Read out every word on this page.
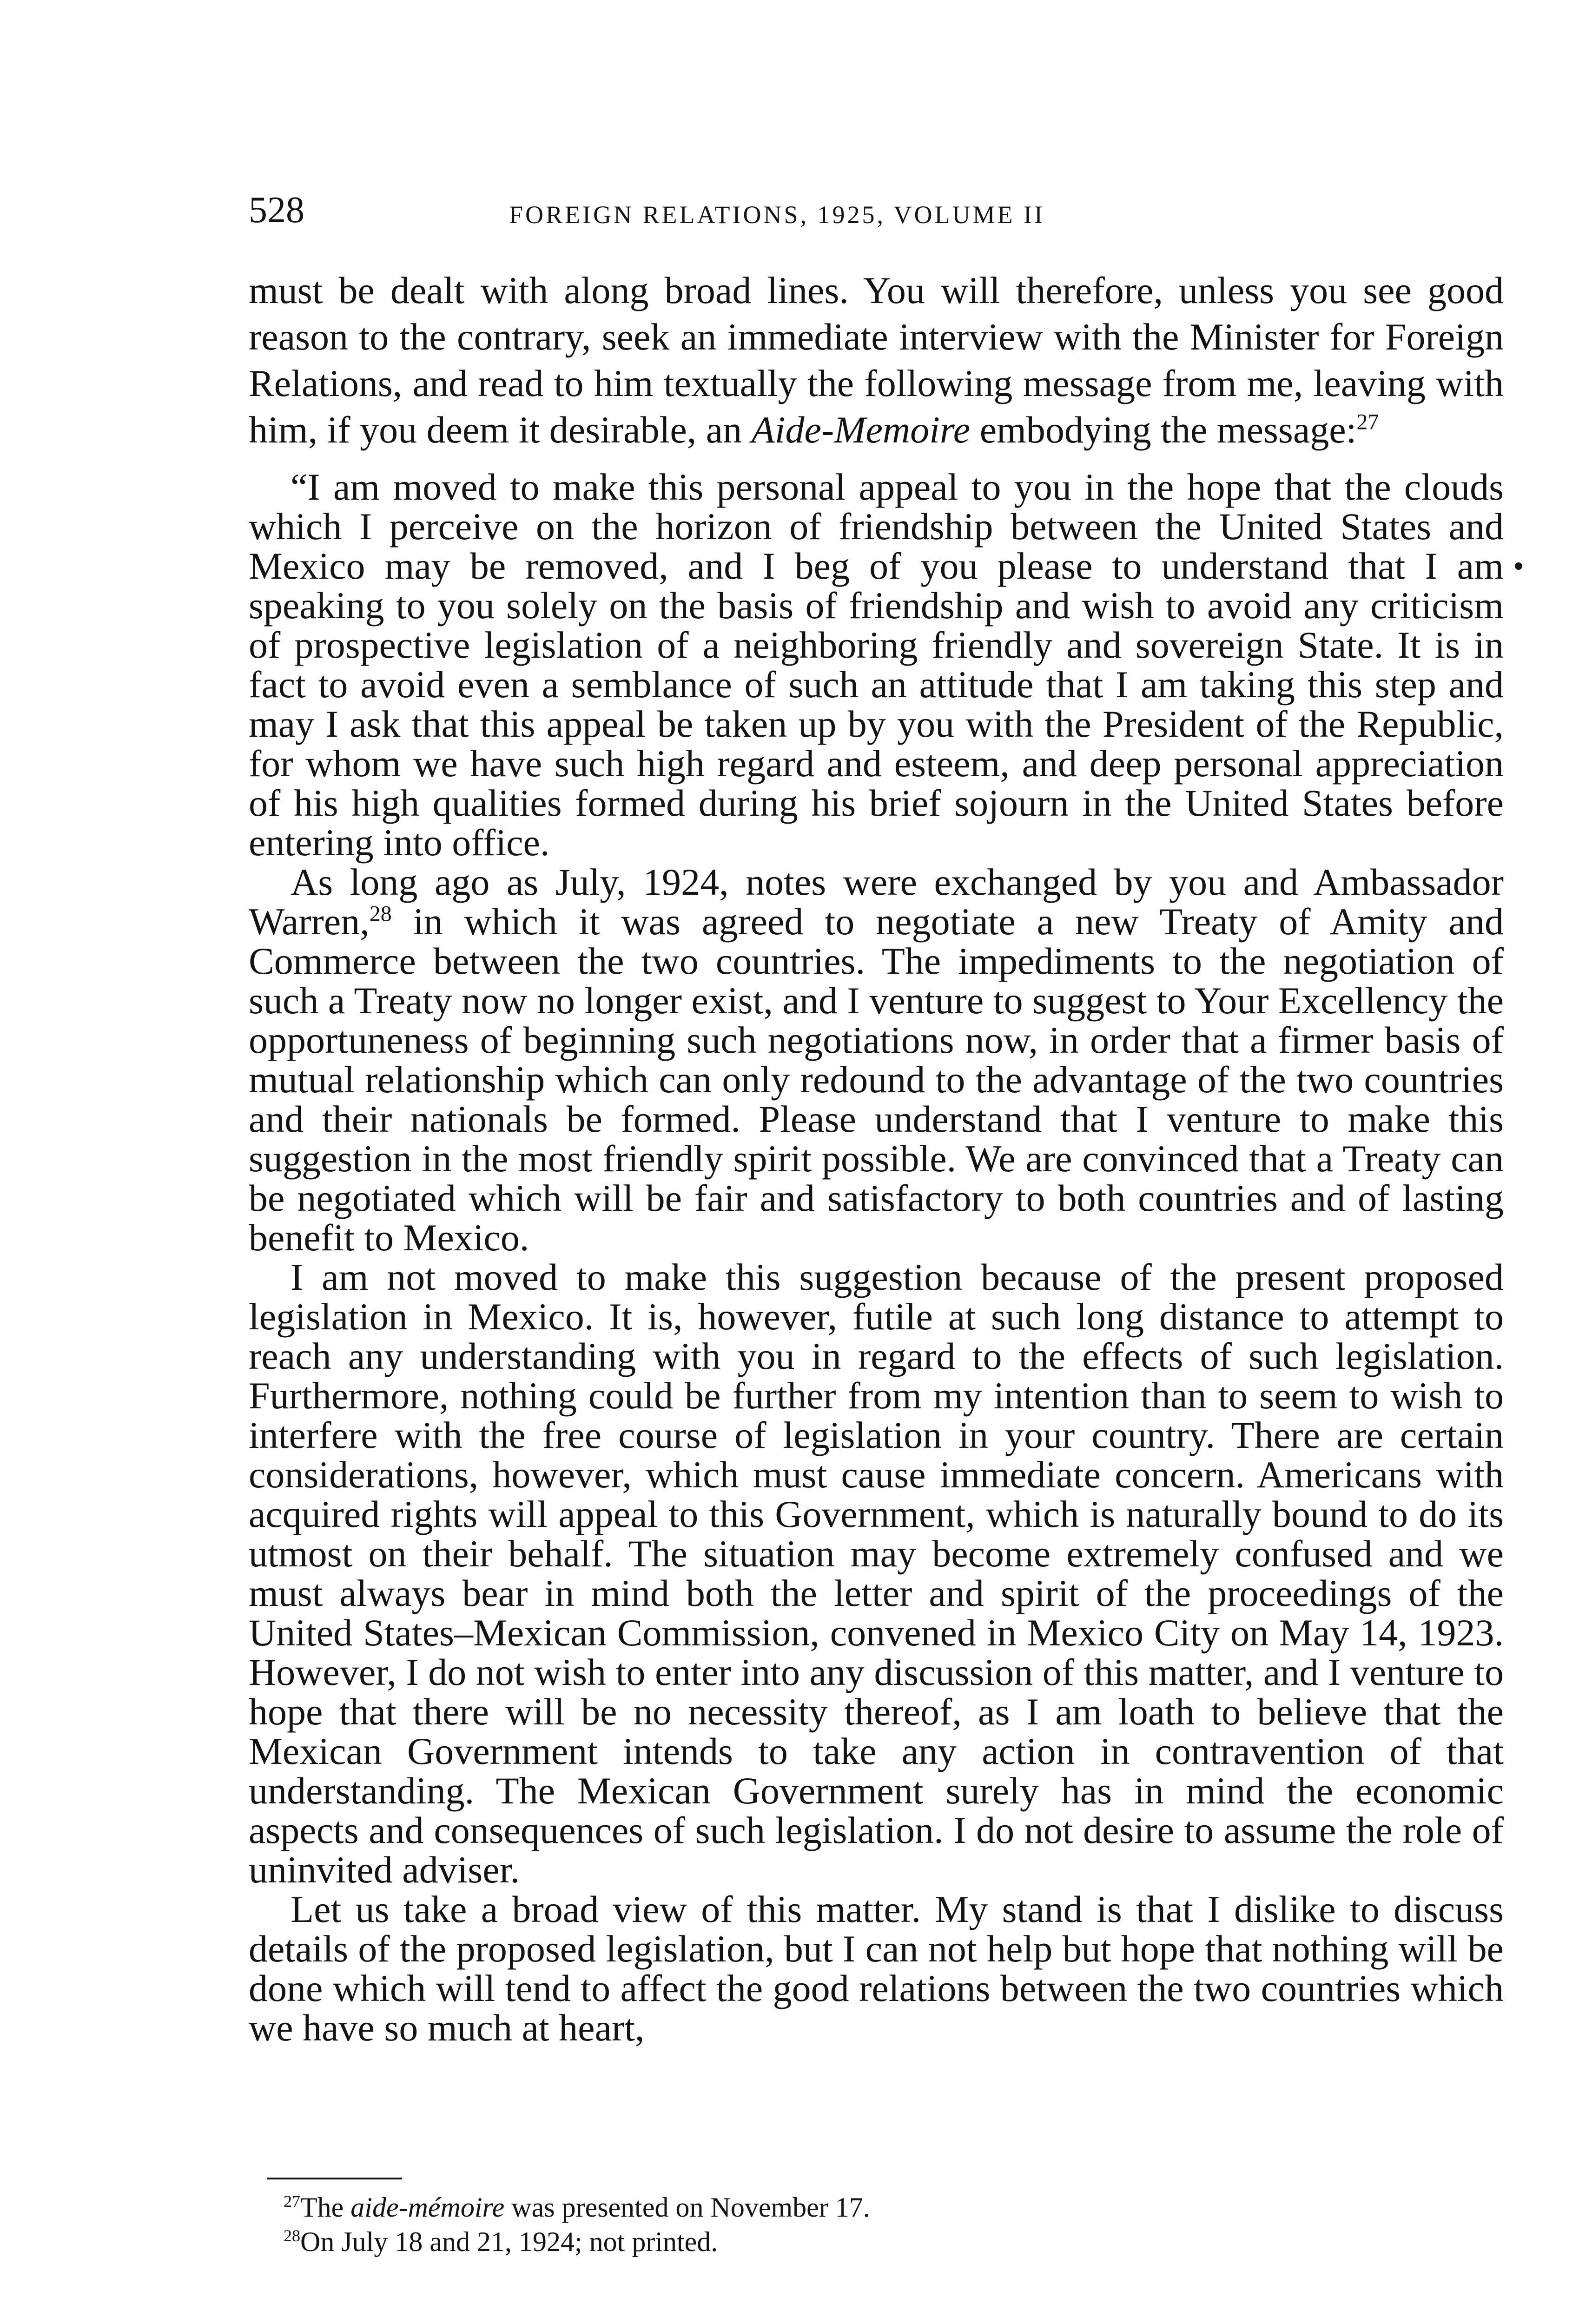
528	FOREIGN RELATIONS, 1925, VOLUME II

must be dealt with along broad lines. You will therefore, unless you see good reason to the contrary, seek an immediate interview with the Minister for Foreign Relations, and read to him textually the following message from me, leaving with him, if you deem it desirable, an Aide-Memoire embodying the message:$^{27}$

“I am moved to make this personal appeal to you in the hope that the clouds which I perceive on the horizon of friendship between the United States and Mexico may be removed, and I beg of you please to understand that I am speaking to you solely on the basis of friendship and wish to avoid any criticism of prospective legislation of a neighboring friendly and sovereign State. It is in fact to avoid even a semblance of such an attitude that I am taking this step and may I ask that this appeal be taken up by you with the President of the Republic, for whom we have such high regard and esteem, and deep personal appreciation of his high qualities formed during his brief sojourn in the United States before entering into office.

As long ago as July, 1924, notes were exchanged by you and Ambassador Warren,$^{28}$ in which it was agreed to negotiate a new Treaty of Amity and Commerce between the two countries. The impediments to the negotiation of such a Treaty now no longer exist, and I venture to suggest to Your Excellency the opportuneness of beginning such negotiations now, in order that a firmer basis of mutual relationship which can only redound to the advantage of the two countries and their nationals be formed. Please understand that I venture to make this suggestion in the most friendly spirit possible. We are convinced that a Treaty can be negotiated which will be fair and satisfactory to both countries and of lasting benefit to Mexico.

I am not moved to make this suggestion because of the present proposed legislation in Mexico. It is, however, futile at such long distance to attempt to reach any understanding with you in regard to the effects of such legislation. Furthermore, nothing could be further from my intention than to seem to wish to interfere with the free course of legislation in your country. There are certain considerations, however, which must cause immediate concern. Americans with acquired rights will appeal to this Government, which is naturally bound to do its utmost on their behalf. The situation may become extremely confused and we must always bear in mind both the letter and spirit of the proceedings of the United States–Mexican Commission, convened in Mexico City on May 14, 1923. However, I do not wish to enter into any discussion of this matter, and I venture to hope that there will be no necessity thereof, as I am loath to believe that the Mexican Government intends to take any action in contravention of that understanding. The Mexican Government surely has in mind the economic aspects and consequences of such legislation. I do not desire to assume the role of uninvited adviser.

Let us take a broad view of this matter. My stand is that I dislike to discuss details of the proposed legislation, but I can not help but hope that nothing will be done which will tend to affect the good relations between the two countries which we have so much at heart,

$^{27}$The aide-mémoire was presented on November 17.

$^{28}$On July 18 and 21, 1924; not printed.
